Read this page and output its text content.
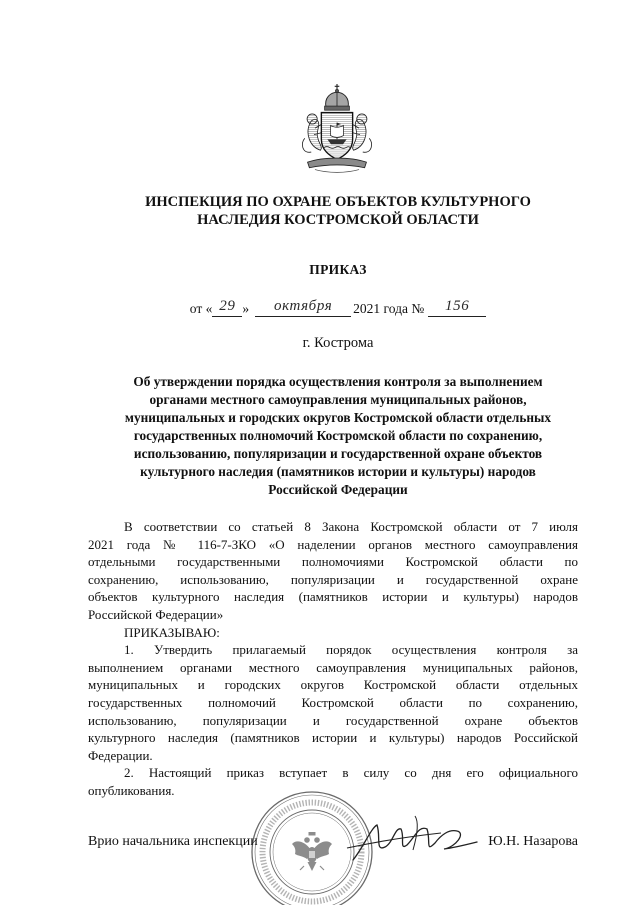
ИНСПЕКЦИЯ ПО ОХРАНЕ ОБЪЕКТОВ КУЛЬТУРНОГО
НАСЛЕДИЯ КОСТРОМСКОЙ ОБЛАСТИ
ПРИКАЗ
от « 29 »	октября	2021 года №	156
г. Кострома
Об утверждении порядка осуществления контроля за выполнением
органами местного самоуправления муниципальных районов,
муниципальных и городских округов Костромской области отдельных
государственных полномочий Костромской области по сохранению,
использованию, популяризации и государственной охране объектов
культурного наследия (памятников истории и культуры) народов
Российской Федерации
В соответствии со статьей 8 Закона Костромской области от 7 июля
2021 года № 116-7-ЗКО «О наделении органов местного самоуправления
отдельными государственными полномочиями Костромской области по
сохранению, использованию, популяризации и государственной охране
объектов культурного наследия (памятников истории и культуры) народов
Российской Федерации»
ПРИКАЗЫВАЮ:
1. Утвердить прилагаемый порядок осуществления контроля за
выполнением органами местного самоуправления муниципальных районов,
муниципальных и городских округов Костромской области отдельных
государственных полномочий Костромской области по сохранению,
использованию, популяризации и государственной охране объектов
культурного наследия (памятников истории и культуры) народов Российской
Федерации.
2. Настоящий приказ вступает в силу со дня его официального
опубликования.
Врио начальника инспекции	Ю.Н. Назарова
